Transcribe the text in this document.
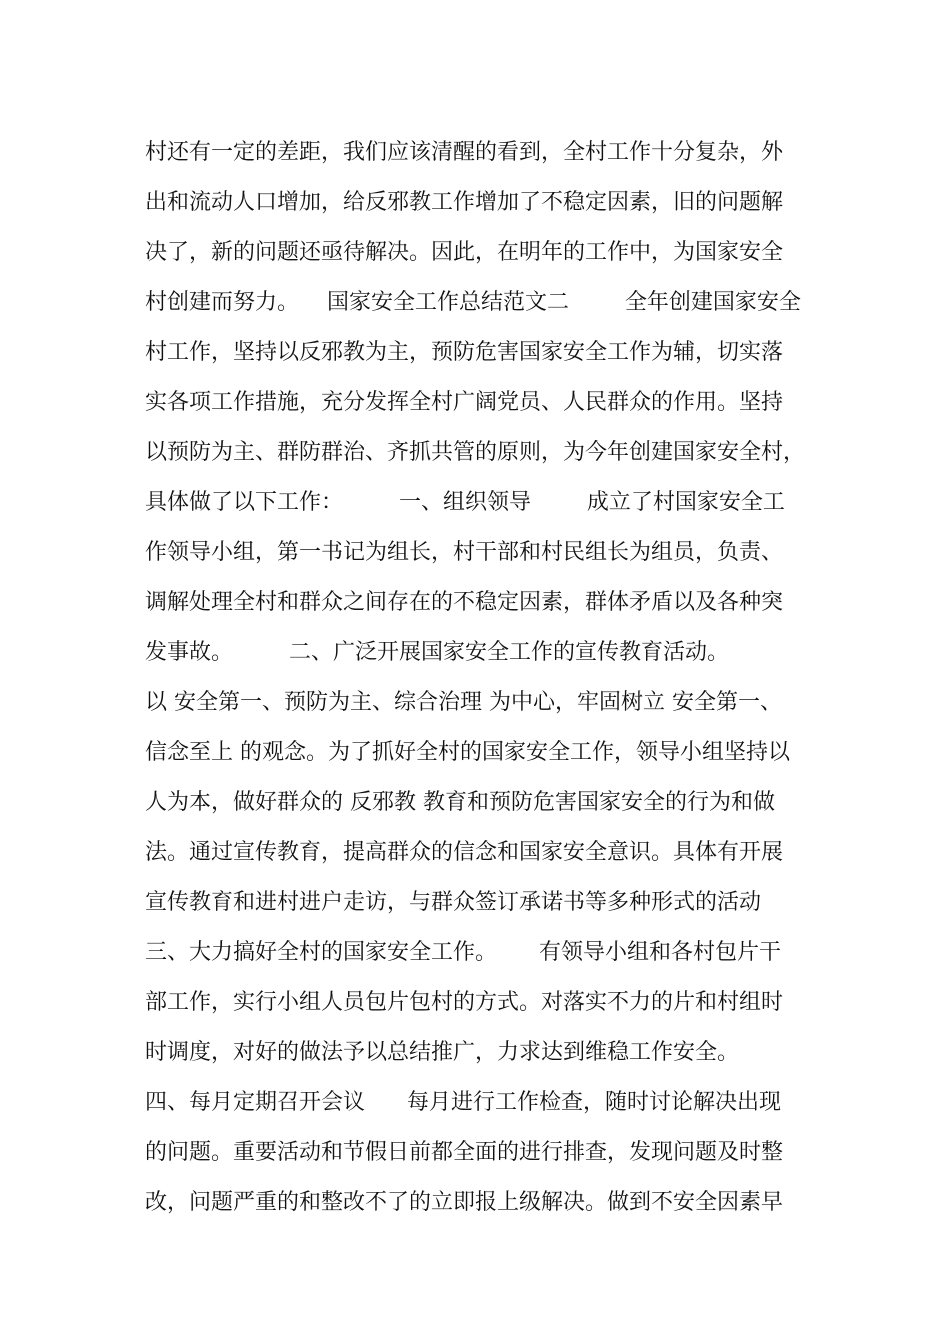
村还有一定的差距，我们应该清醒的看到，全村工作十分复杂，外
出和流动人口增加，给反邪教工作增加了不稳定因素，旧的问题解
决了，新的问题还亟待解决。因此，在明年的工作中，为国家安全
村创建而努力。    国家安全工作总结范文二        全年创建国家安全
村工作，坚持以反邪教为主，预防危害国家安全工作为辅，切实落
实各项工作措施，充分发挥全村广阔党员、人民群众的作用。坚持
以预防为主、群防群治、齐抓共管的原则，为今年创建国家安全村，
具体做了以下工作：        一、组织领导        成立了村国家安全工
作领导小组，第一书记为组长，村干部和村民组长为组员，负责、
调解处理全村和群众之间存在的不稳定因素，群体矛盾以及各种突
发事故。        二、广泛开展国家安全工作的宣传教育活动。
以 安全第一、预防为主、综合治理 为中心，牢固树立 安全第一、
信念至上 的观念。为了抓好全村的国家安全工作，领导小组坚持以
人为本，做好群众的 反邪教 教育和预防危害国家安全的行为和做
法。通过宣传教育，提高群众的信念和国家安全意识。具体有开展
宣传教育和进村进户走访，与群众签订承诺书等多种形式的活动
三、大力搞好全村的国家安全工作。      有领导小组和各村包片干
部工作，实行小组人员包片包村的方式。对落实不力的片和村组时
时调度，对好的做法予以总结推广，力求达到维稳工作安全。
四、每月定期召开会议      每月进行工作检查，随时讨论解决出现
的问题。重要活动和节假日前都全面的进行排查，发现问题及时整
改，问题严重的和整改不了的立即报上级解决。做到不安全因素早
